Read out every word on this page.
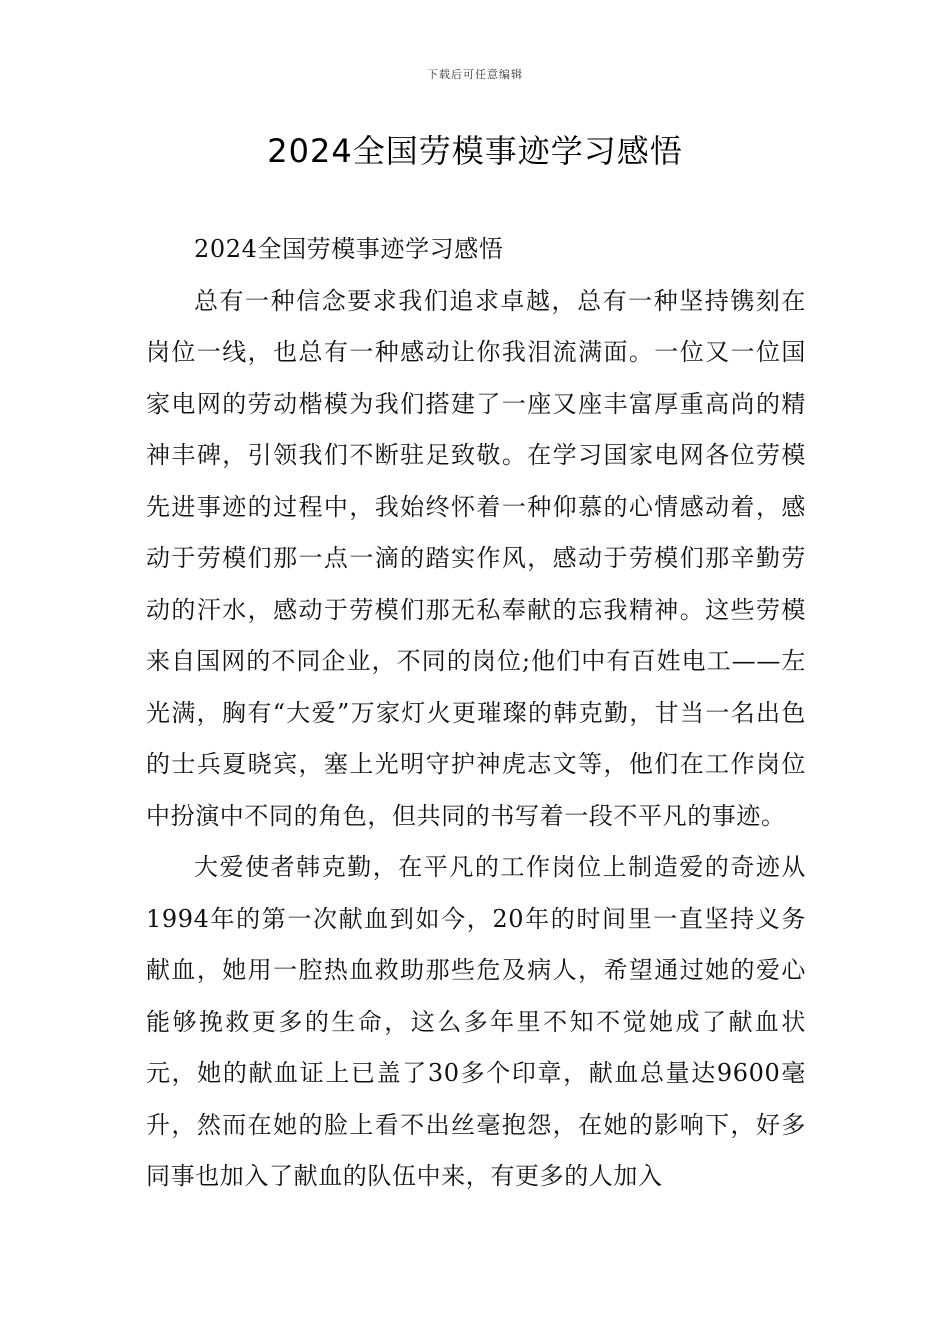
下载后可任意编辑
2024全国劳模事迹学习感悟

2024全国劳模事迹学习感悟

总有一种信念要求我们追求卓越，总有一种坚持镌刻在岗位一线，也总有一种感动让你我泪流满面。一位又一位国家电网的劳动楷模为我们搭建了一座又座丰富厚重高尚的精神丰碑，引领我们不断驻足致敬。在学习国家电网各位劳模先进事迹的过程中，我始终怀着一种仰慕的心情感动着，感动于劳模们那一点一滴的踏实作风，感动于劳模们那辛勤劳动的汗水，感动于劳模们那无私奉献的忘我精神。这些劳模来自国网的不同企业，不同的岗位;他们中有百姓电工——左光满，胸有“大爱”万家灯火更璀璨的韩克勤，甘当一名出色的士兵夏晓宾，塞上光明守护神虎志文等，他们在工作岗位中扮演中不同的角色，但共同的书写着一段不平凡的事迹。

大爱使者韩克勤，在平凡的工作岗位上制造爱的奇迹从1994年的第一次献血到如今，20年的时间里一直坚持义务献血，她用一腔热血救助那些危及病人，希望通过她的爱心能够挽救更多的生命，这么多年里不知不觉她成了献血状元，她的献血证上已盖了30多个印章，献血总量达9600毫升，然而在她的脸上看不出丝毫抱怨，在她的影响下，好多同事也加入了献血的队伍中来，有更多的人加入
